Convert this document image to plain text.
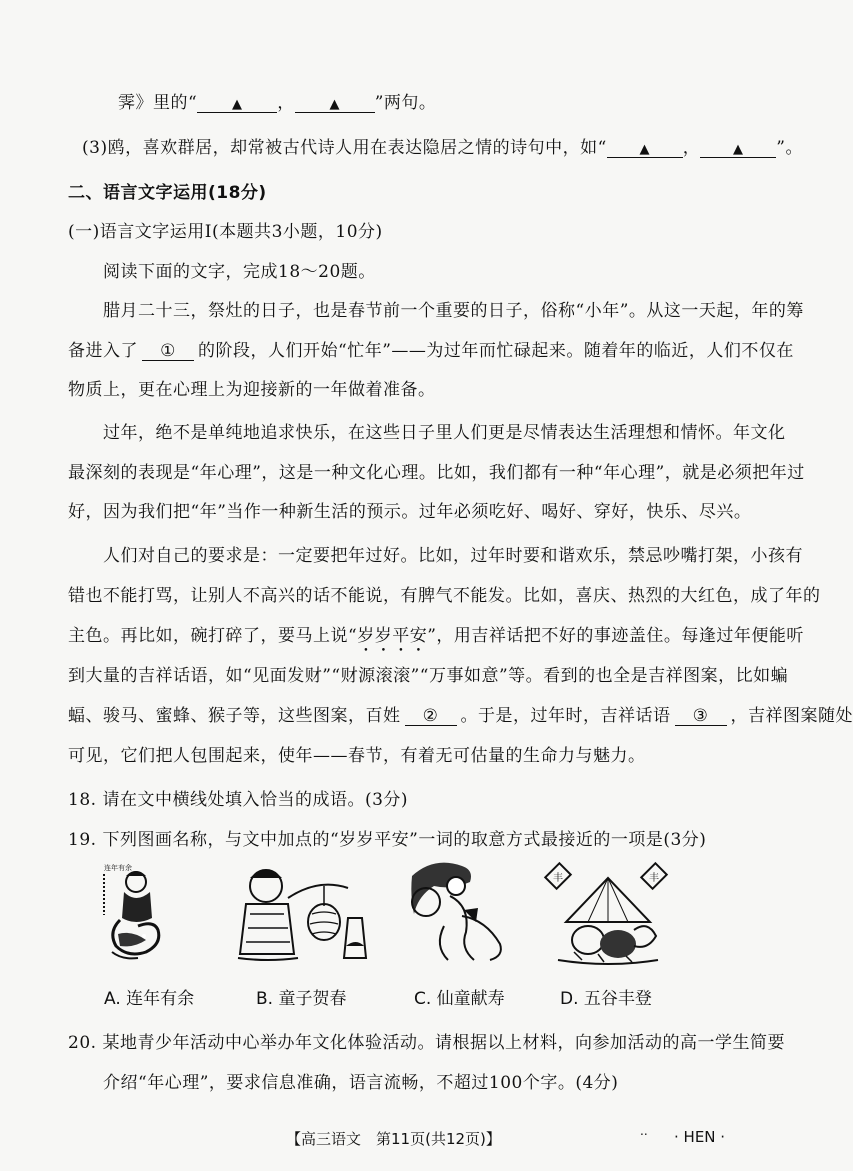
霁》里的“	▲ ，	▲ ”两句。
(3)鸥，喜欢群居，却常被古代诗人用在表达隐居之情的诗句中，如“	▲ ，	▲ ”。
二、语言文字运用(18分)
(一)语言文字运用Ⅰ(本题共3小题，10分)
阅读下面的文字，完成18～20题。
腊月二十三，祭灶的日子，也是春节前一个重要的日子，俗称“小年”。从这一天起，年的筹
备进入了 ① 的阶段，人们开始“忙年”——为过年而忙碌起来。随着年的临近，人们不仅在
物质上，更在心理上为迎接新的一年做着准备。
过年，绝不是单纯地追求快乐，在这些日子里人们更是尽情表达生活理想和情怀。年文化
最深刻的表现是“年心理”，这是一种文化心理。比如，我们都有一种“年心理”，就是必须把年过
好，因为我们把“年”当作一种新生活的预示。过年必须吃好、喝好、穿好，快乐、尽兴。
人们对自己的要求是：一定要把年过好。比如，过年时要和谐欢乐，禁忌吵嘴打架，小孩有
错也不能打骂，让别人不高兴的话不能说，有脾气不能发。比如，喜庆、热烈的大红色，成了年的
主色。再比如，碗打碎了，要马上说“岁岁平安”，用吉祥话把不好的事迹盖住。每逢过年便能听
到大量的吉祥话语，如“见面发财”“财源滚滚”“万事如意”等。看到的也全是吉祥图案，比如蝙
蝠、骏马、蜜蜂、猴子等，这些图案，百姓 ② 。于是，过年时，吉祥话语 ③ ，吉祥图案随处
可见，它们把人包围起来，使年——春节，有着无可估量的生命力与魅力。
18. 请在文中横线处填入恰当的成语。(3分)
19. 下列图画名称，与文中加点的“岁岁平安”一词的取意方式最接近的一项是(3分)
连年有余
丰	丰
A. 连年有余	B. 童子贺春	C. 仙童献寿	D. 五谷丰登
20. 某地青少年活动中心举办年文化体验活动。请根据以上材料，向参加活动的高一学生简要
介绍“年心理”，要求信息准确，语言流畅，不超过100个字。(4分)
【高三语文　第11页(共12页)】	.. · HEN ·
